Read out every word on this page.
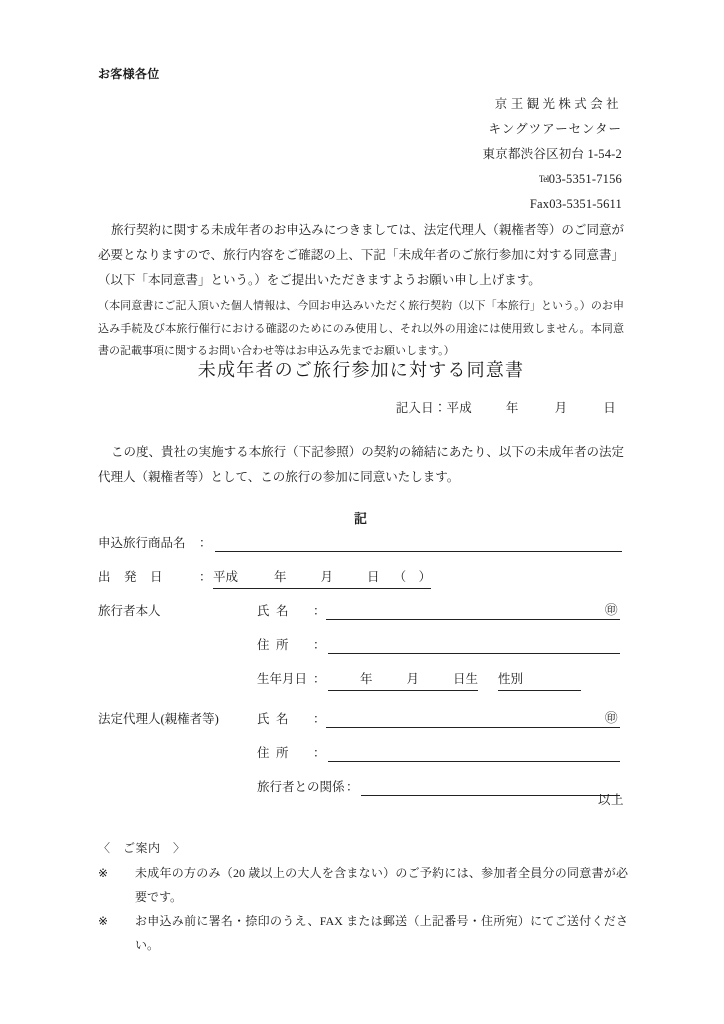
お客様各位
京王観光株式会社
キングツアーセンター
東京都渋谷区初台 1-54-2
Tel03-5351-7156
Fax03-5351-5611

旅行契約に関する未成年者のお申込みにつきましては、法定代理人（親権者等）のご同意が必要となりますので、旅行内容をご確認の上、下記「未成年者のご旅行参加に対する同意書」（以下「本同意書」という。）をご提出いただきますようお願い申し上げます。

（本同意書にご記入頂いた個人情報は、今回お申込みいただく旅行契約（以下「本旅行」という。）のお申込み手続及び本旅行催行における確認のためにのみ使用し、それ以外の用途には使用致しません。本同意書の記載事項に関するお問い合わせ等はお申込み先までお願いします。）

未成年者のご旅行参加に対する同意書
記入日：平成	年	月	日
この度、貴社の実施する本旅行（下記参照）の契約の締結にあたり、以下の未成年者の法定代理人（親権者等）として、この旅行の参加に同意いたします。
記
申込旅行商品名 ：
出発日 ： 平成	年	月	日 （　）
旅行者本人	氏名 ：	㊞
住所 ：
生年月日 ：	年	月	日生 性別
法定代理人(親権者等)	氏名 ：	㊞
住所 ：
旅行者との関係 ：
以上
〈　ご案内　〉
※ 未成年の方のみ（20 歳以上の大人を含まない）のご予約には、参加者全員分の同意書が必要です。
※ お申込み前に署名・捺印のうえ、FAX または郵送（上記番号・住所宛）にてご送付ください。
